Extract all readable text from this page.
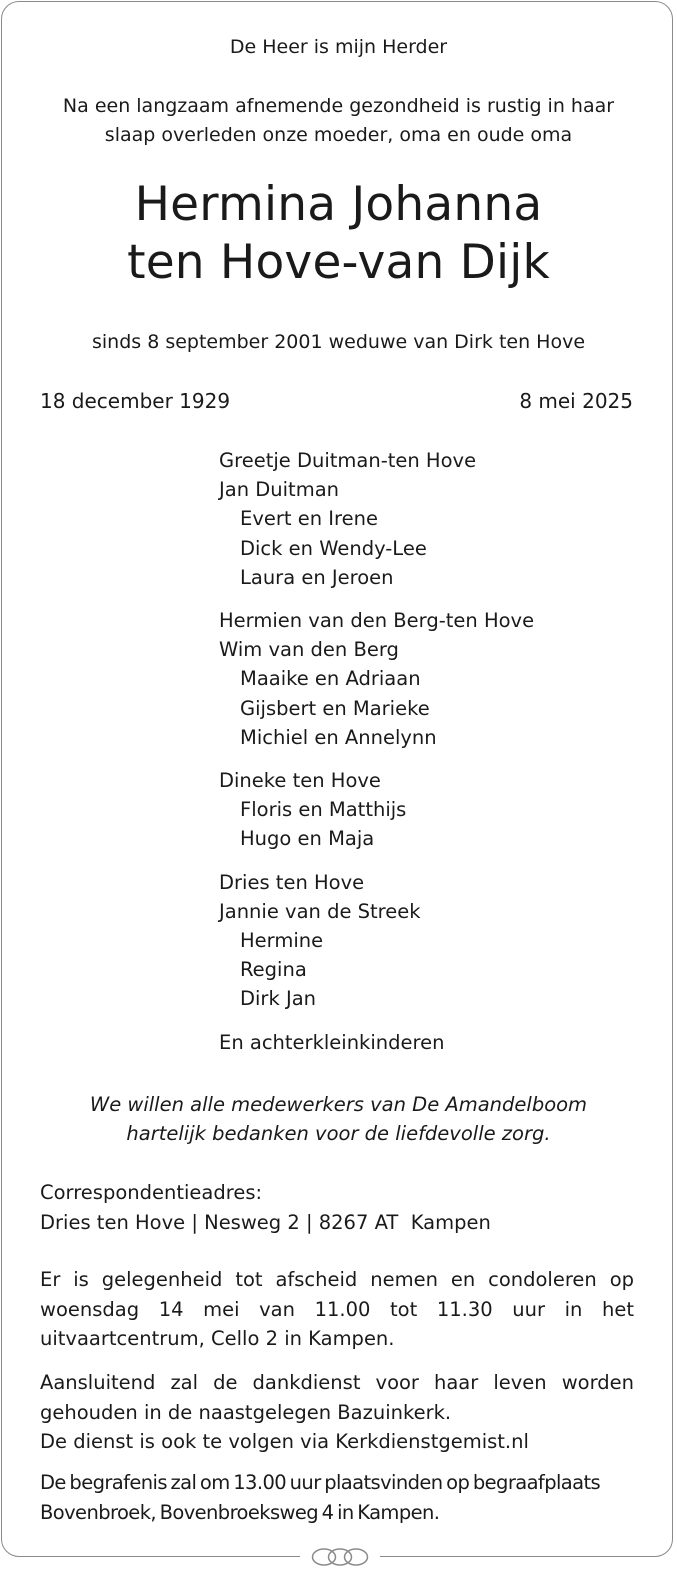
De Heer is mijn Herder

Na een langzaam afnemende gezondheid is rustig in haar
slaap overleden onze moeder, oma en oude oma

Hermina Johanna
ten Hove-van Dijk

sinds 8 september 2001 weduwe van Dirk ten Hove

18 december 1929	8 mei 2025

Greetje Duitman-ten Hove
Jan Duitman
Evert en Irene
Dick en Wendy-Lee
Laura en Jeroen
Hermien van den Berg-ten Hove
Wim van den Berg
Maaike en Adriaan
Gijsbert en Marieke
Michiel en Annelynn
Dineke ten Hove
Floris en Matthijs
Hugo en Maja
Dries ten Hove
Jannie van de Streek
Hermine
Regina
Dirk Jan
En achterkleinkinderen

We willen alle medewerkers van De Amandelboom
hartelijk bedanken voor de liefdevolle zorg.

Correspondentieadres:
Dries ten Hove | Nesweg 2 | 8267 AT  Kampen

Er is gelegenheid tot afscheid nemen en condoleren op woensdag 14 mei van 11.00 tot 11.30 uur in het uitvaartcentrum, Cello 2 in Kampen.

Aansluitend zal de dankdienst voor haar leven worden gehouden in de naastgelegen Bazuinkerk.
De dienst is ook te volgen via Kerkdienstgemist.nl

De begrafenis zal om 13.00 uur plaatsvinden op begraafplaats
Bovenbroek, Bovenbroeksweg 4 in Kampen.
